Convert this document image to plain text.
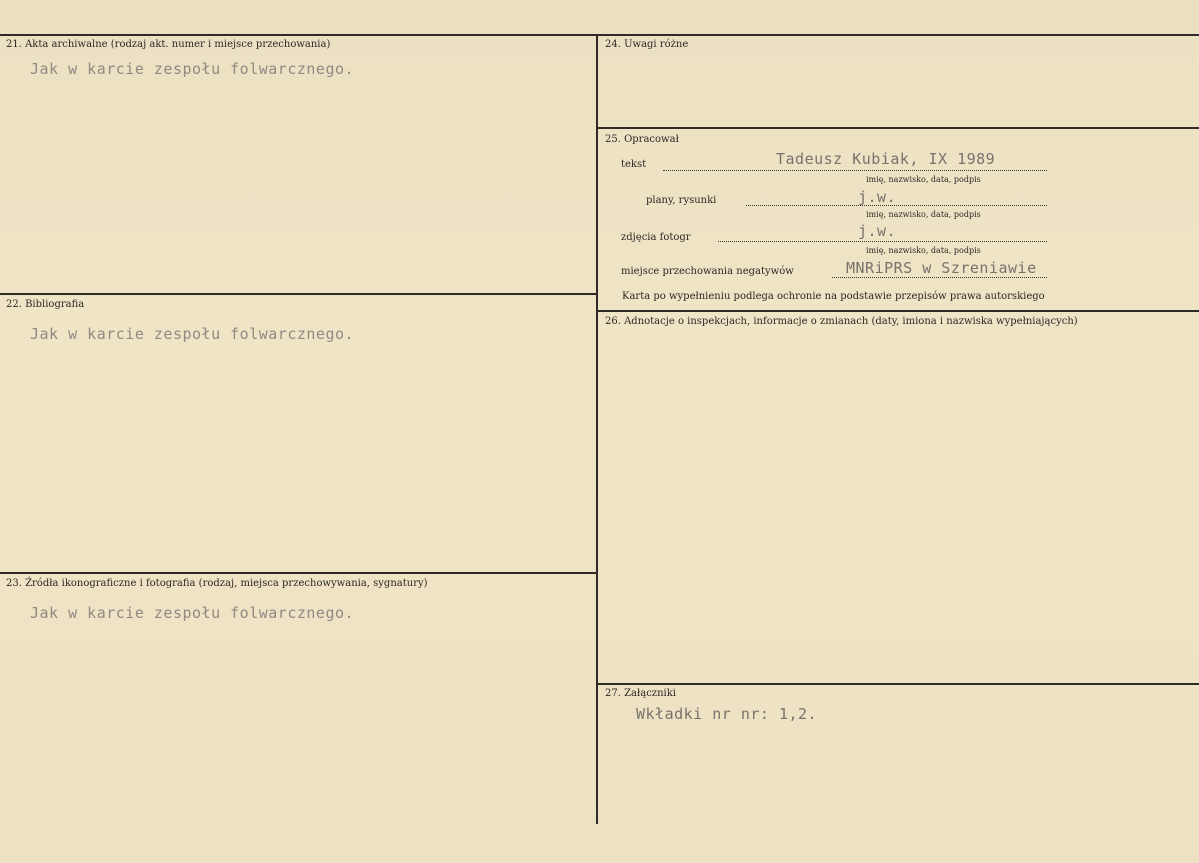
21. Akta archiwalne (rodzaj akt. numer i miejsce przechowania)
Jak w karcie zespołu folwarcznego.
22. Bibliografia
Jak w karcie zespołu folwarcznego.
23. Źródła ikonograficzne i fotografia (rodzaj, miejsca przechowywania, sygnatury)
Jak w karcie zespołu folwarcznego.
24. Uwagi różne
25. Opracował
tekst	Tadeusz Kubiak, IX 1989
imię, nazwisko, data, podpis
plany, rysunki	j.w.
imię, nazwisko, data, podpis
zdjęcia fotogr	j.w.
imię, nazwisko, data, podpis
miejsce przechowania negatywów	MNRiPRS w Szreniawie
Karta po wypełnieniu podlega ochronie na podstawie przepisów prawa autorskiego
26. Adnotacje o inspekcjach, informacje o zmianach (daty, imiona i nazwiska wypełniających)
27. Załączniki
Wkładki nr nr: 1,2.
